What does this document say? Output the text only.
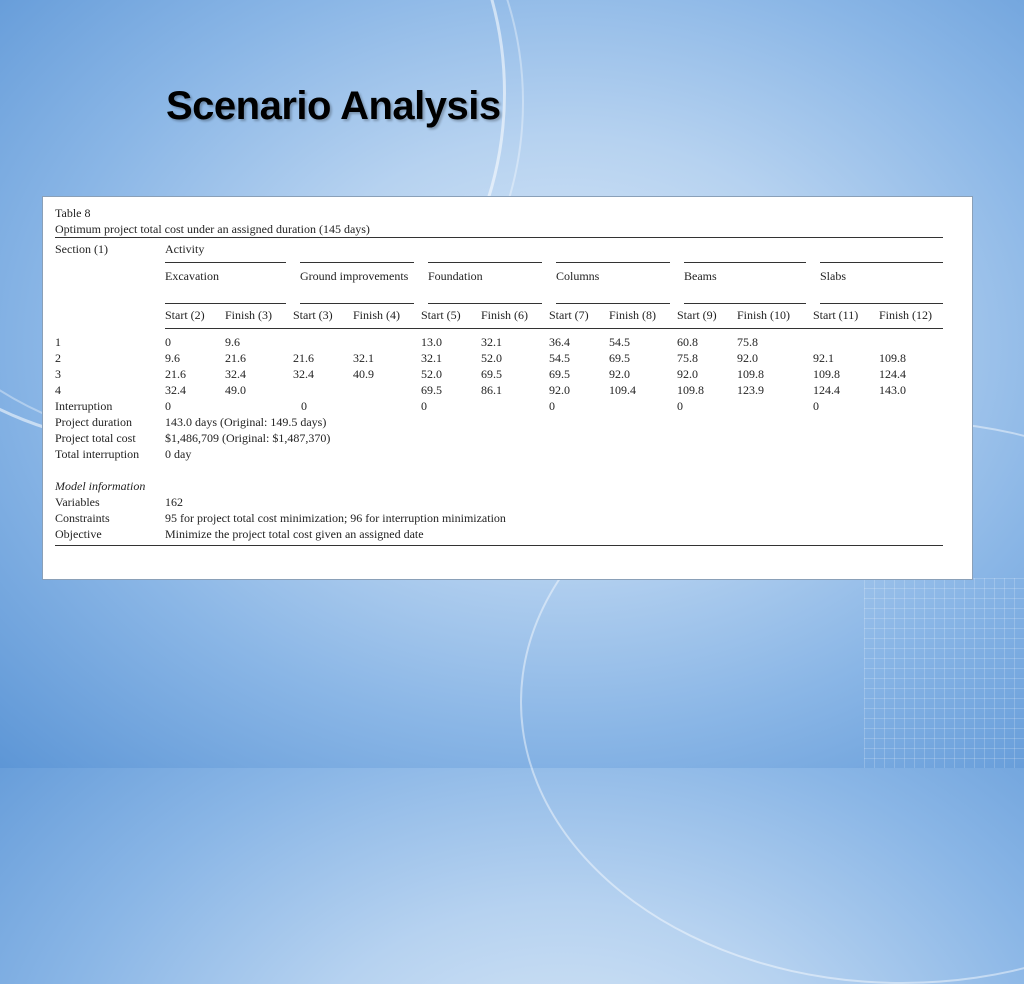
Scenario Analysis
Table 8
Optimum project total cost under an assigned duration (145 days)
Section (1)	Activity											
	Excavation		Ground improvements		Foundation		Columns		Beams		Slabs	
	Start (2)	Finish (3)	Start (3)	Finish (4)	Start (5)	Finish (6)	Start (7)	Finish (8)	Start (9)	Finish (10)	Start (11)	Finish (12)
1	0	9.6			13.0	32.1	36.4	54.5	60.8	75.8		
2	9.6	21.6	21.6	32.1	32.1	52.0	54.5	69.5	75.8	92.0	92.1	109.8
3	21.6	32.4	32.4	40.9	52.0	69.5	69.5	92.0	92.0	109.8	109.8	124.4
4	32.4	49.0			69.5	86.1	92.0	109.4	109.8	123.9	124.4	143.0
Interruption	0		0		0		0		0		0	
Project duration	143.0 days (Original: 149.5 days)											
Project total cost	$1,486,709 (Original: $1,487,370)											
Total interruption	0 day											

Model information												
Variables	162											
Constraints	95 for project total cost minimization; 96 for interruption minimization											
Objective	Minimize the project total cost given an assigned date											
